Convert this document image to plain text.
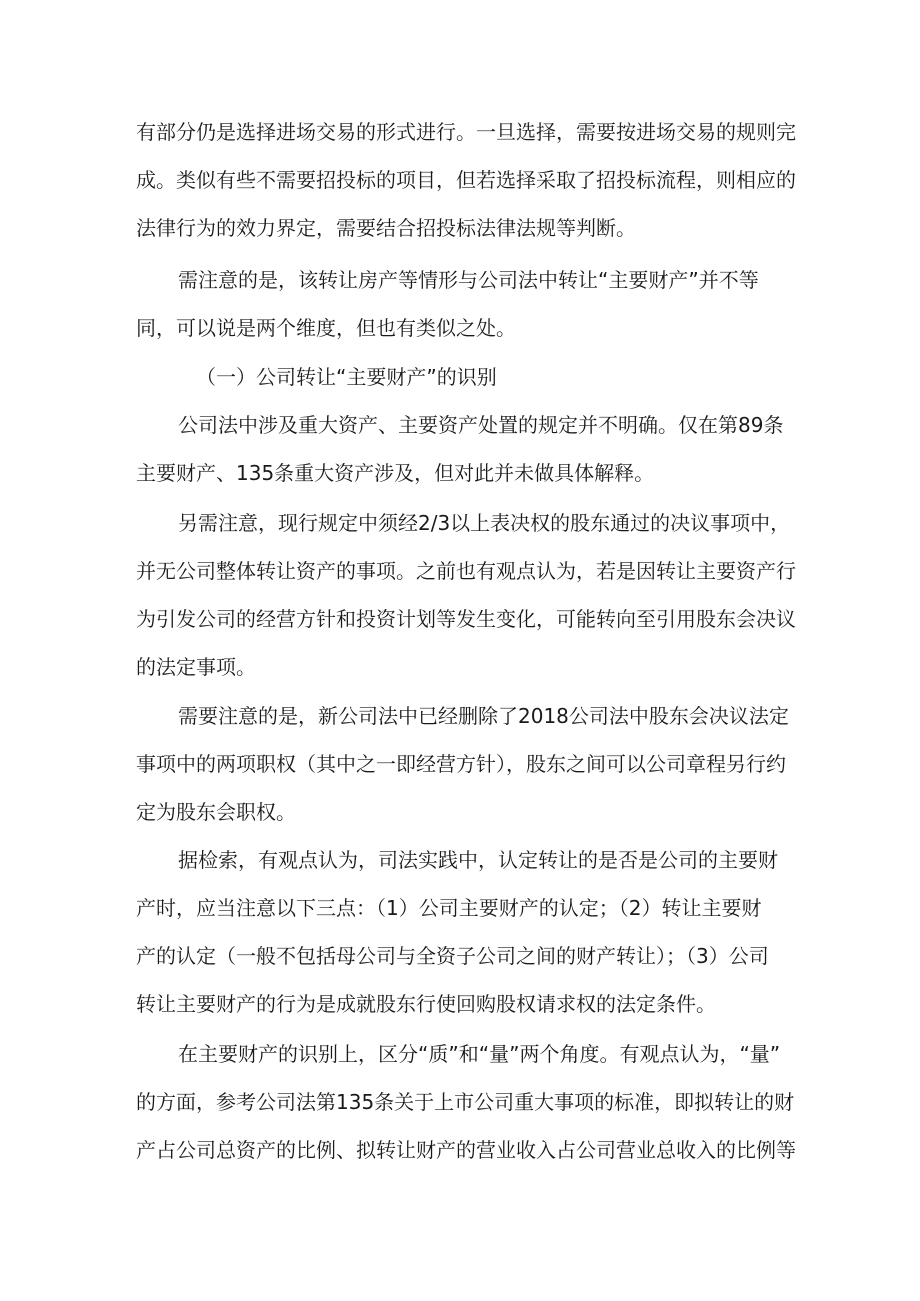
有部分仍是选择进场交易的形式进行。一旦选择，需要按进场交易的规则完
成。类似有些不需要招投标的项目，但若选择采取了招投标流程，则相应的
法律行为的效力界定，需要结合招投标法律法规等判断。
需注意的是，该转让房产等情形与公司法中转让“主要财产”并不等
同，可以说是两个维度，但也有类似之处。
（一）公司转让“主要财产”的识别
公司法中涉及重大资产、主要资产处置的规定并不明确。仅在第89条
主要财产、135条重大资产涉及，但对此并未做具体解释。
另需注意，现行规定中须经2/3以上表决权的股东通过的决议事项中，
并无公司整体转让资产的事项。之前也有观点认为，若是因转让主要资产行
为引发公司的经营方针和投资计划等发生变化，可能转向至引用股东会决议
的法定事项。
需要注意的是，新公司法中已经删除了2018公司法中股东会决议法定
事项中的两项职权（其中之一即经营方针），股东之间可以公司章程另行约
定为股东会职权。
据检索，有观点认为，司法实践中，认定转让的是否是公司的主要财
产时，应当注意以下三点：（1）公司主要财产的认定；（2）转让主要财
产的认定（一般不包括母公司与全资子公司之间的财产转让）；（3）公司
转让主要财产的行为是成就股东行使回购股权请求权的法定条件。
在主要财产的识别上，区分“质”和“量”两个角度。有观点认为，“量”
的方面，参考公司法第135条关于上市公司重大事项的标准，即拟转让的财
产占公司总资产的比例、拟转让财产的营业收入占公司营业总收入的比例等
